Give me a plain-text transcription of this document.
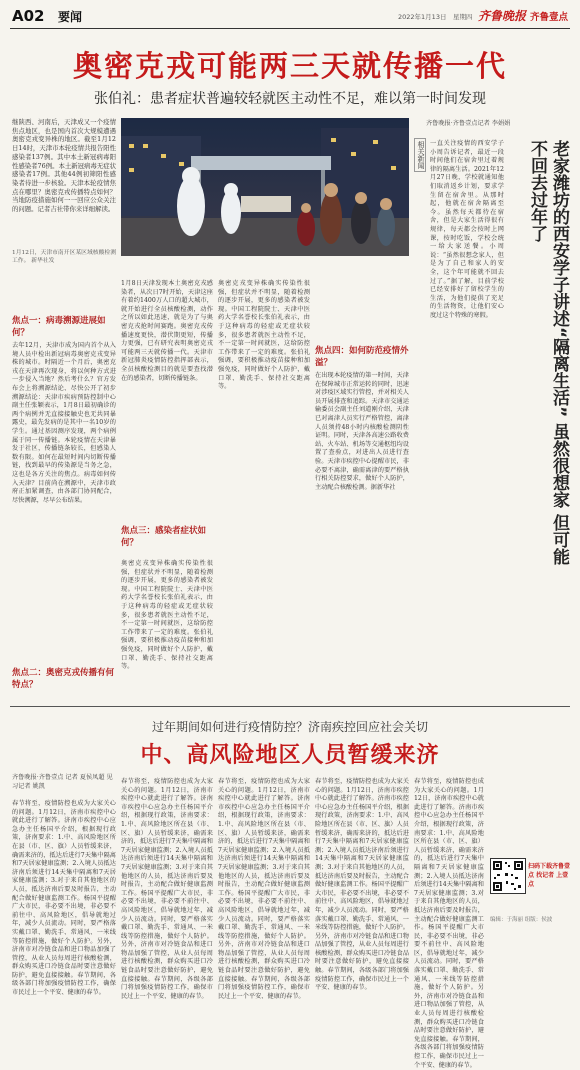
A02 要闻	2022年1月13日 星期四 齐鲁晚报 齐鲁壹点
奥密克戎可能两三天就传播一代
张伯礼：患者症状普遍较轻就医主动性不足，难以第一时间发现
继陕西、河南后，天津成又一个疫情焦点地区，也是国内首次大规模遭遇奥密克戎变异株的地区。截至1月12日14时，天津市本轮疫情共报告阳性感染者137例。其中本土新冠病毒阳性感染者76例。本土新冠病毒无症状感染者17例。其他44例初筛阳性感染者待进一步核验。天津本轮疫情焦点在哪里？奥密克戎传播特点如何？当地防疫措施如何一一回应公众关注的问题。记者吉社带你来详细解读。
1月12日，天津市南开区某区域核酸检测工作。 新华社发
齐鲁晚报·齐鲁壹点记者 李娟娟
相关新闻	老家潍坊的西安学子讲述“隔离生活” 虽然很想家 但可能不回去过年了
一直关注疫情的西安学子小周告诉记者，最近一段时间他们在宿舍里过着规律的隔离生活。2021年12月27日晚，学校就通知他们取消返乡计划，要求学生留在宿舍里。从那时起，他就在宿舍隔离至今。虽然每天都待在宿舍，但是大家生活得很有规律，每天都会按时上网课，按时吃饭，学校会统一给大家送餐。小周说：“虽然很想念家人，但是为了自己和家人的安全，这个年可能就不回去过了。”据了解，目前学校已经安排好了留校学生的生活，为他们提供了充足的生活物资，让他们安心度过这个特殊的寒假。
焦点一：病毒溯源进展如何？
去年12月，天津市成为国内首个从入境人员中检出新冠病毒奥密克戎变异株的城市。时隔近一个月后，奥密克戎在天津再次现身，将以何种方式进一步侵入当地？然后考什么？官方发布会上将溯源结论、尽快公开了初步溯源结论：天津市疾病预防控制中心副主任张颖表示，1月8日最初确诊的两个病例并无直接接触史也无共同暴露史，最先发病的是其中一名10岁的学生。通过基因测序发现，两个病例属于同一传播链。本轮疫情在天津暴发于社区，传播链条较长，但感染人数有限。如何在最短时间内切断传播链，找到最早的传染源是当务之急，这也是各方关注的焦点。病毒如何传入天津？目前尚在溯源中，天津市政府正加紧调查，由各部门协同配合，尽快溯源，尽早公布结果。
焦点二：奥密克戎传播有何特点？
1月8日天津发现本土奥密克戎感染者，从次日7时开始，天津这座有着约1400万人口的超大城市，就开始进行全员核酸检测，动作之所以如此迅速，就是为了与奥密克戎抢时间赛跑。奥密克戎传播速度更快，潜伏期更短，传播力更强，已有研究表明奥密克戎可能两三天就传播一代。天津市新冠肺炎疫情防控指挥部表示，全员核酸检测目的就是要查找潜在的感染者，切断传播链条。
焦点三：感染者症状如何？
奥密克戎变异株确实传染性很强，但症状并不明显，随着检测的逐步开展，更多的感染者被发现。中国工程院院士、天津中医药大学名誉校长张伯礼表示，由于这种病毒的轻症或无症状较多，很多患者就医主动性不足，不一定第一时间就医，这给防控工作带来了一定的难度。张伯礼强调，要积极推动疫苗接种和加强免疫，同时做好个人防护，戴口罩、勤洗手、保持社交距离等。
奥密克戎变异株确实传染性很强，但症状并不明显，随着检测的逐步开展，更多的感染者被发现。中国工程院院士、天津中医药大学名誉校长张伯礼表示，由于这种病毒的轻症或无症状较多，很多患者就医主动性不足，不一定第一时间就医，这给防控工作带来了一定的难度。张伯礼强调，要积极推动疫苗接种和加强免疫，同时做好个人防护，戴口罩、勤洗手、保持社交距离等。
焦点四：如何防范疫情外溢？
在出现本轮疫情的第一时间，天津在保障城市正常运转的同时，迅速对涉疫区域实行管控，并对相关人员开展排查和追踪。天津市交通运输委员会副主任刘道刚介绍，天津已对离津人员实行严格管控，离津人员须持48小时内核酸检测阴性证明。同时，天津各高速公路收费站、火车站、机场等交通枢纽均设置了查验点，对进出人员进行查验。天津市疾控中心提醒市民，非必要不离津，确需离津的要严格执行相关防控要求，做好个人防护，主动配合核酸检测。据新华社
过年期间如何进行疫情防控？济南疾控回应社会关切
中、高风险地区人员暂缓来济
齐鲁晚报·齐鲁壹点 记者 夏侯凤超 见习记者 姚凯
春节将至，疫情防控也成为大家关心的问题。1月12日，济南市疾控中心就此进行了解答。济南市疾控中心应急办主任杨国平介绍，根据现行政策，济南要求：1.中、高风险地区所在县（市、区、旗）人员暂缓来济，确需来济的，抵达后进行7天集中隔离和7天居家健康监测；2.入境人员抵达济南后须进行14天集中隔离和7天居家健康监测；3.对于来自其他地区的人员，抵达济南后要及时报告，主动配合做好健康监测工作。杨国平提醒广大市民，非必要不出境，非必要不前往中、高风险地区，倡导就地过年，减少人员流动。同时，要严格落实戴口罩、勤洗手、常通风、一米线等防控措施，做好个人防护。另外，济南市对冷链食品和进口物品加强了管控，从业人员每周进行核酸检测，群众购买进口冷链食品时要注意做好防护，避免直接接触。春节期间，各级各部门将加强疫情防控工作，确保市民过上一个平安、健康的春节。
春节将至，疫情防控也成为大家关心的问题。1月12日，济南市疾控中心就此进行了解答。济南市疾控中心应急办主任杨国平介绍，根据现行政策，济南要求：1.中、高风险地区所在县（市、区、旗）人员暂缓来济，确需来济的，抵达后进行7天集中隔离和7天居家健康监测；2.入境人员抵达济南后须进行14天集中隔离和7天居家健康监测；3.对于来自其他地区的人员，抵达济南后要及时报告，主动配合做好健康监测工作。杨国平提醒广大市民，非必要不出境，非必要不前往中、高风险地区，倡导就地过年，减少人员流动。同时，要严格落实戴口罩、勤洗手、常通风、一米线等防控措施，做好个人防护。另外，济南市对冷链食品和进口物品加强了管控，从业人员每周进行核酸检测，群众购买进口冷链食品时要注意做好防护，避免直接接触。春节期间，各级各部门将加强疫情防控工作，确保市民过上一个平安、健康的春节。
春节将至，疫情防控也成为大家关心的问题。1月12日，济南市疾控中心就此进行了解答。济南市疾控中心应急办主任杨国平介绍，根据现行政策，济南要求：1.中、高风险地区所在县（市、区、旗）人员暂缓来济，确需来济的，抵达后进行7天集中隔离和7天居家健康监测；2.入境人员抵达济南后须进行14天集中隔离和7天居家健康监测；3.对于来自其他地区的人员，抵达济南后要及时报告，主动配合做好健康监测工作。杨国平提醒广大市民，非必要不出境，非必要不前往中、高风险地区，倡导就地过年，减少人员流动。同时，要严格落实戴口罩、勤洗手、常通风、一米线等防控措施，做好个人防护。另外，济南市对冷链食品和进口物品加强了管控，从业人员每周进行核酸检测，群众购买进口冷链食品时要注意做好防护，避免直接接触。春节期间，各级各部门将加强疫情防控工作，确保市民过上一个平安、健康的春节。
春节将至，疫情防控也成为大家关心的问题。1月12日，济南市疾控中心就此进行了解答。济南市疾控中心应急办主任杨国平介绍，根据现行政策，济南要求：1.中、高风险地区所在县（市、区、旗）人员暂缓来济，确需来济的，抵达后进行7天集中隔离和7天居家健康监测；2.入境人员抵达济南后须进行14天集中隔离和7天居家健康监测；3.对于来自其他地区的人员，抵达济南后要及时报告，主动配合做好健康监测工作。杨国平提醒广大市民，非必要不出境，非必要不前往中、高风险地区，倡导就地过年，减少人员流动。同时，要严格落实戴口罩、勤洗手、常通风、一米线等防控措施，做好个人防护。另外，济南市对冷链食品和进口物品加强了管控，从业人员每周进行核酸检测，群众购买进口冷链食品时要注意做好防护，避免直接接触。春节期间，各级各部门将加强疫情防控工作，确保市民过上一个平安、健康的春节。
春节将至，疫情防控也成为大家关心的问题。1月12日，济南市疾控中心就此进行了解答。济南市疾控中心应急办主任杨国平介绍，根据现行政策，济南要求：1.中、高风险地区所在县（市、区、旗）人员暂缓来济，确需来济的，抵达后进行7天集中隔离和7天居家健康监测；2.入境人员抵达济南后须进行14天集中隔离和7天居家健康监测；3.对于来自其他地区的人员，抵达济南后要及时报告，主动配合做好健康监测工作。杨国平提醒广大市民，非必要不出境，非必要不前往中、高风险地区，倡导就地过年，减少人员流动。同时，要严格落实戴口罩、勤洗手、常通风、一米线等防控措施，做好个人防护。另外，济南市对冷链食品和进口物品加强了管控，从业人员每周进行核酸检测，群众购买进口冷链食品时要注意做好防护，避免直接接触。春节期间，各级各部门将加强疫情防控工作，确保市民过上一个平安、健康的春节。
扫码下载齐鲁壹点 找记者 上壹点
编辑：于海丽 组版：侯波
